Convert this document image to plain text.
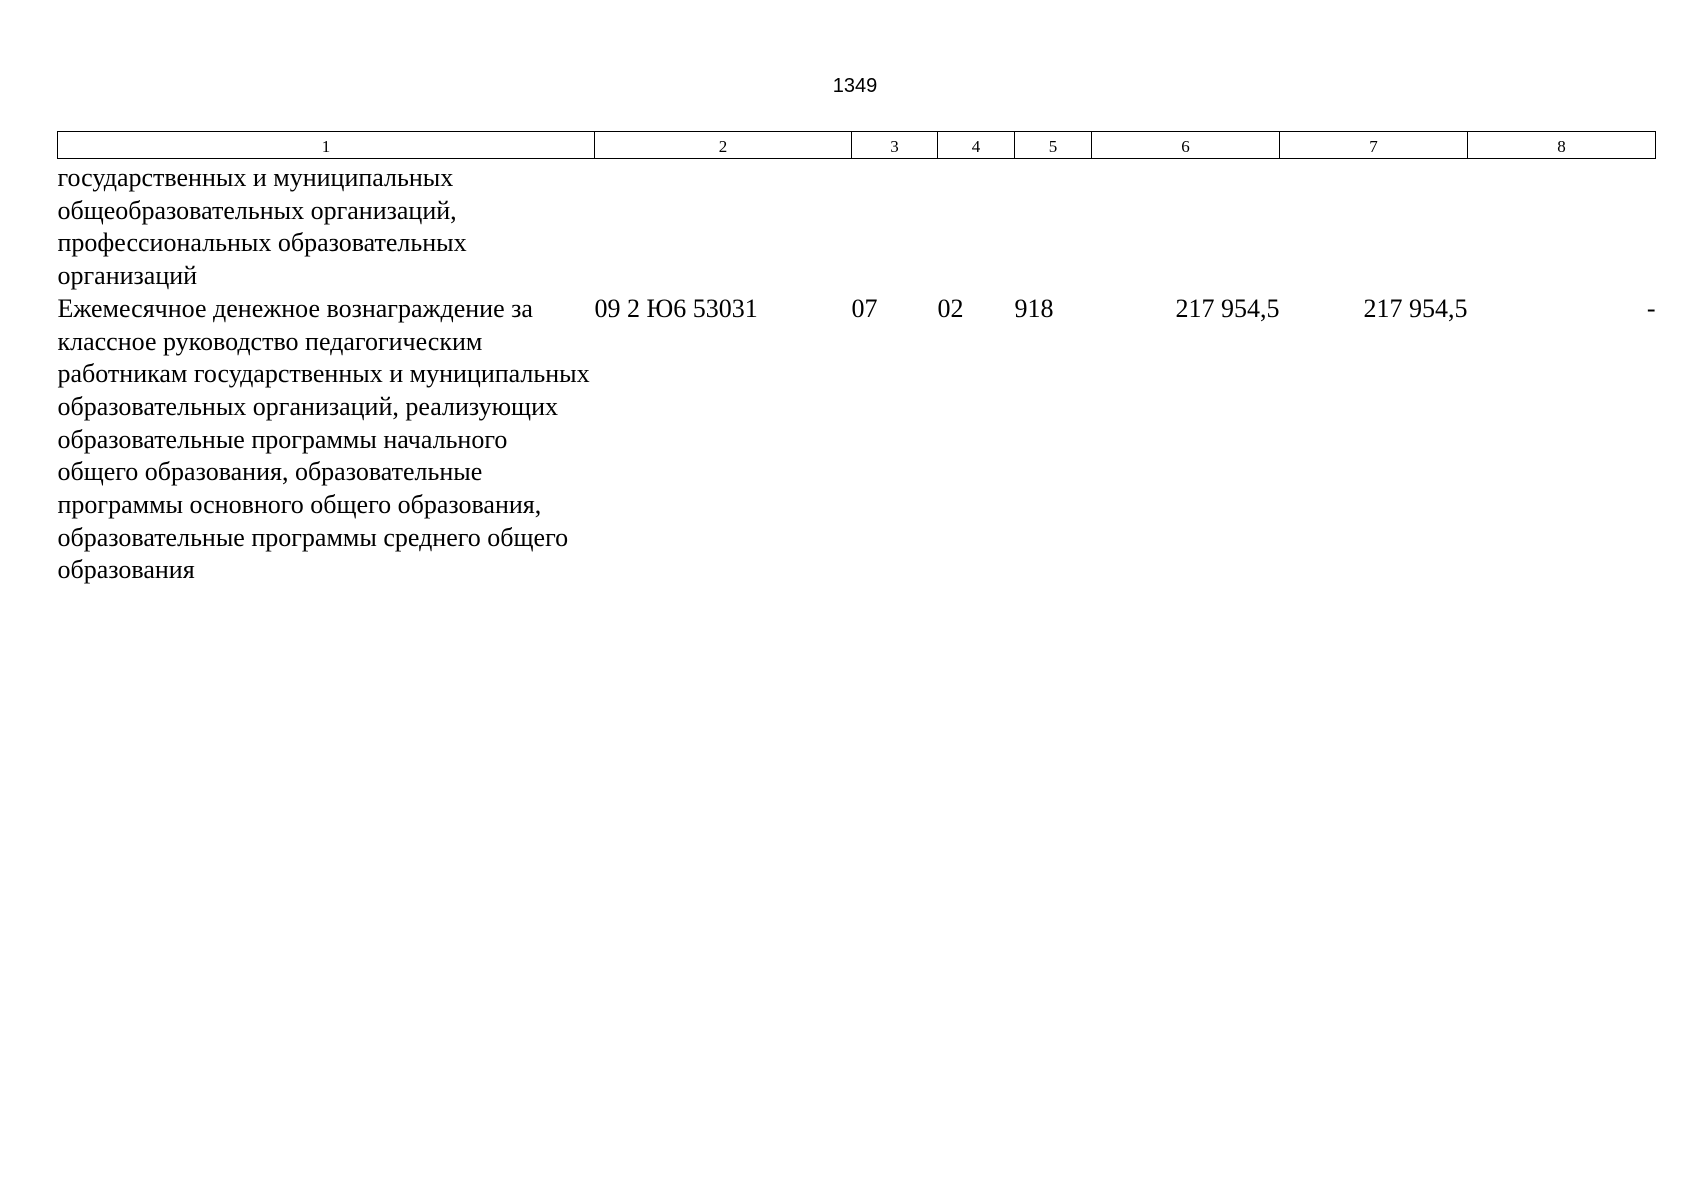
1349
1	2	3	4	5	6	7	8
государственных и муниципальных общеобразовательных организаций, профессиональных образовательных организаций							
Ежемесячное денежное вознаграждение за классное руководство педагогическим работникам государственных и муниципальных образовательных организаций, реализующих образовательные программы начального общего образования, образовательные программы основного общего образования, образовательные программы среднего общего образования	09 2 Ю6 53031	07	02	918	217 954,5	217 954,5	-
